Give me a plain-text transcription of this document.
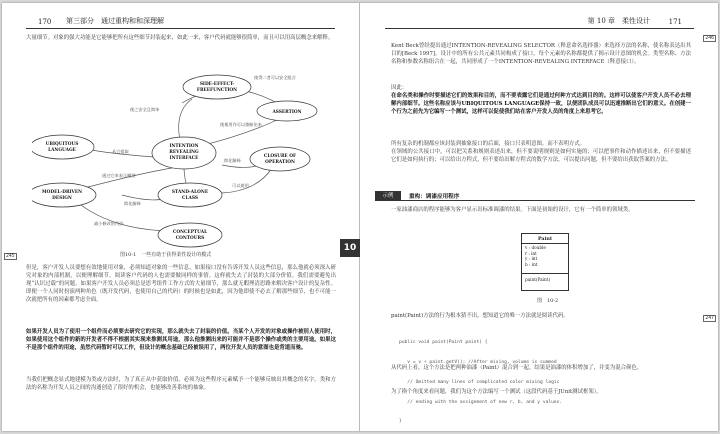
170 第三部分　通过重构和和深理解
大量细节。对象的强大功能是它能够把所有这些细节封装起来，如此一来，客户代码就能够很简单，而且可以用高层概念来解释。
SIDE-EFFECT-
FREEFUNCTION
ASSERTION
INTENTION
REVEALING
INTERFACE
UBIQUITOUS
LANGUAGE
CLOSURE OF
OPERATION
MODEL-DRIVEN
DESIGN
STAND-ALONE
CLASS
CONCEPTUAL
CONTOURS
使得二者可以安全组合
使之安全且简单
使使用作可以推断出来
从它提取
简化解释
通过它来表示模型
简化解释
可以使用
减小修改的代价
图10-1　一些有助于获得柔性设计的模式
245
但是，客户开发人员要想有效地使用对象，必须知道对象的一些信息，如果接口没有告诉开发人员这些信息，那么他就必须深入研究对象的内部机制，以便理解细节。阅读客户代码的人也需要做同样的事情。这样就失去了封装的大部分价值。我们需要避免出现“认识过载”的问题。如果客户开发人员必须总是思考组件工作方式的大量细节，那么就无暇理清思路来解决客户设计的复杂性。即便一个人同时扮演两种角色（既开发代码，也使用自己的代码）的时候也是如此，因为他即使不必去了解那些细节，也不可能一次就把所有的因素都考虑全面。
如果开发人员为了使用一个组件而必须要去研究它的实现，那么就失去了封装的价值。当某个人开发的对象或操作被别人使用时，如果使用这个组件的新的开发者不得不根据其实现来推测其用途，那么他推测出来的可能并不是那个操作或类的主要用途。如果这不是那个组件的用途，虽然代码暂时可以工作，但设计的概念基础已经被误用了，两位开发人员的意图也是背道而驰。
当我们把概念显式地建模为类或方法时，为了真正从中获取价值，必须为这些程序元素赋予一个能够反映出其概念的名字。类和方法的名称为开发人员之间的沟通创造了很好的机会，也能够改善系统的抽象。
10
第 10 章　柔性设计	171
246
Kent Beck曾经提出通过INTENTION-REVEALING SELECTOR（释意命名选择器）来选择方法的名称，使名称表达出其目的[Beck 1997]。设计中的所有公共元素共同构成了接口，每个元素的名称都提供了揭示设计意图的机会。类型名称、方法名称和参数名称组合在一起，共同形成了一个INTENTION-REVEALING INTERFACE（释意接口）。
因此：
在命名类和操作时要描述它们的效果和目的，而不要表露它们是通过何种方式达到目的的。这样可以使客户开发人员不必去理解内部细节。这些名称应该与UBIQUITOUS LANGUAGE保持一致，以便团队成员可以迅速推断出它们的意义。在创建一个行为之前先为它编写一个测试，这样可以促使我们站在客户开发人员的角度上来思考它。
所有复杂的机制都应该封装到抽象接口的后面，接口只表明意图，而不表明方式。
在领域的公共接口中，可以把关系和规则表述出来，但不要说明规则是如何实施的；可以把事件和动作描述出来，但不要描述它们是如何执行的；可以给出方程式，但不要给出解方程式的数学方法。可以提出问题，但不要给出获取答案的方法。
示例	重构：调漆应用程序
一家油漆商店的程序能够为客户显示出标准调漆的结果。下面是初始的设计，它有一个简单的领域类。
Paint
v : double
r : int
y : int
b : int
paint(Paint)
图　10-2
paint(Paint)方法的行为根本猜不出，想知道它的唯一方法就是阅读代码。	247

public void paint(Paint paint) {

v = v + paint.getV(); //After mixing, volume is summed

// Omitted many lines of complicated color mixing logic

// ending with the assignment of new r, b, and y values.

}

从代码上看，这个方法是把两种油漆（Paint）混合到一起，结果是油漆的体积增加了，并变为混合颜色。
为了换个角度来看问题，我们为这个方法编写一个测试（这段代码基于JUnit测试框架）。
